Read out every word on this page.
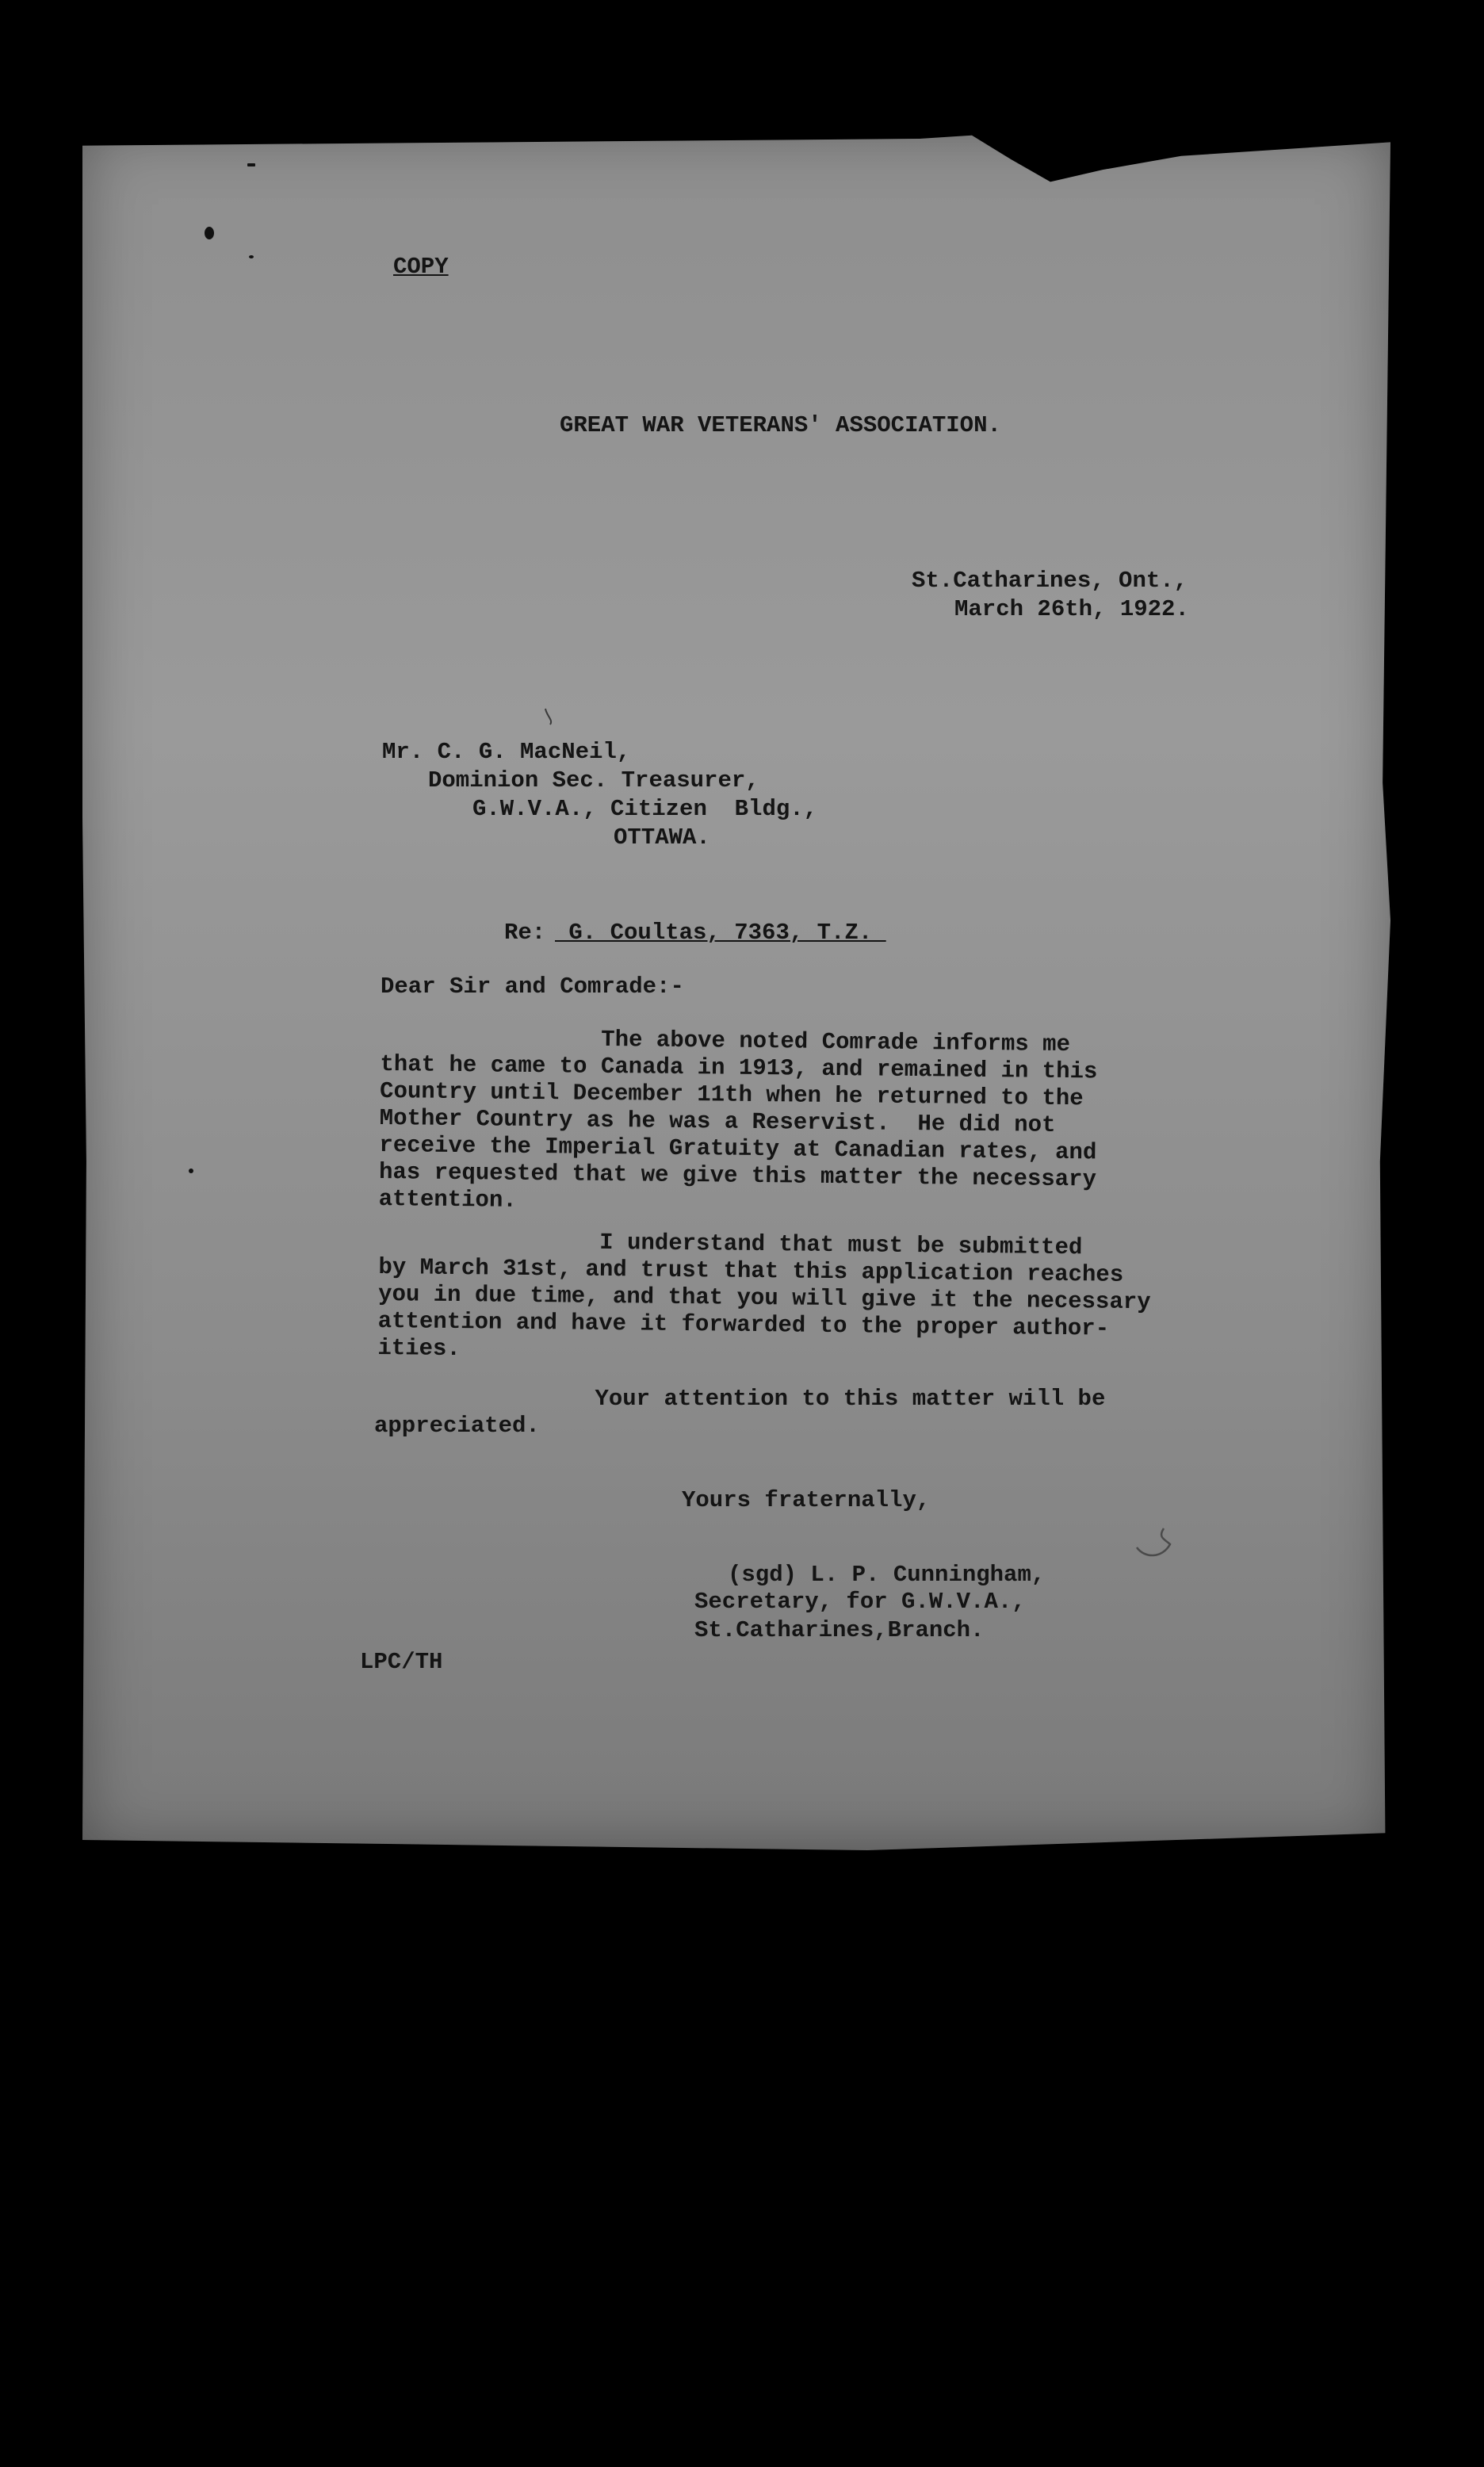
COPY
GREAT WAR VETERANS' ASSOCIATION.
St.Catharines, Ont.,
March 26th, 1922.
Mr. C. G. MacNeil,
Dominion Sec. Treasurer,
G.W.V.A., Citizen  Bldg.,
OTTAWA.
Re: G. Coultas, 7363, T.Z.
Dear Sir and Comrade:-
The above noted Comrade informs me
that he came to Canada in 1913, and remained in this
Country until December 11th when he returned to the
Mother Country as he was a Reservist.  He did not
receive the Imperial Gratuity at Canadian rates, and
has requested that we give this matter the necessary
attention.
I understand that must be submitted
by March 31st, and trust that this application reaches
you in due time, and that you will give it the necessary
attention and have it forwarded to the proper author-
ities.
Your attention to this matter will be
appreciated.
Yours fraternally,
(sgd) L. P. Cunningham,
Secretary, for G.W.V.A.,
St.Catharines,Branch.
LPC/TH
